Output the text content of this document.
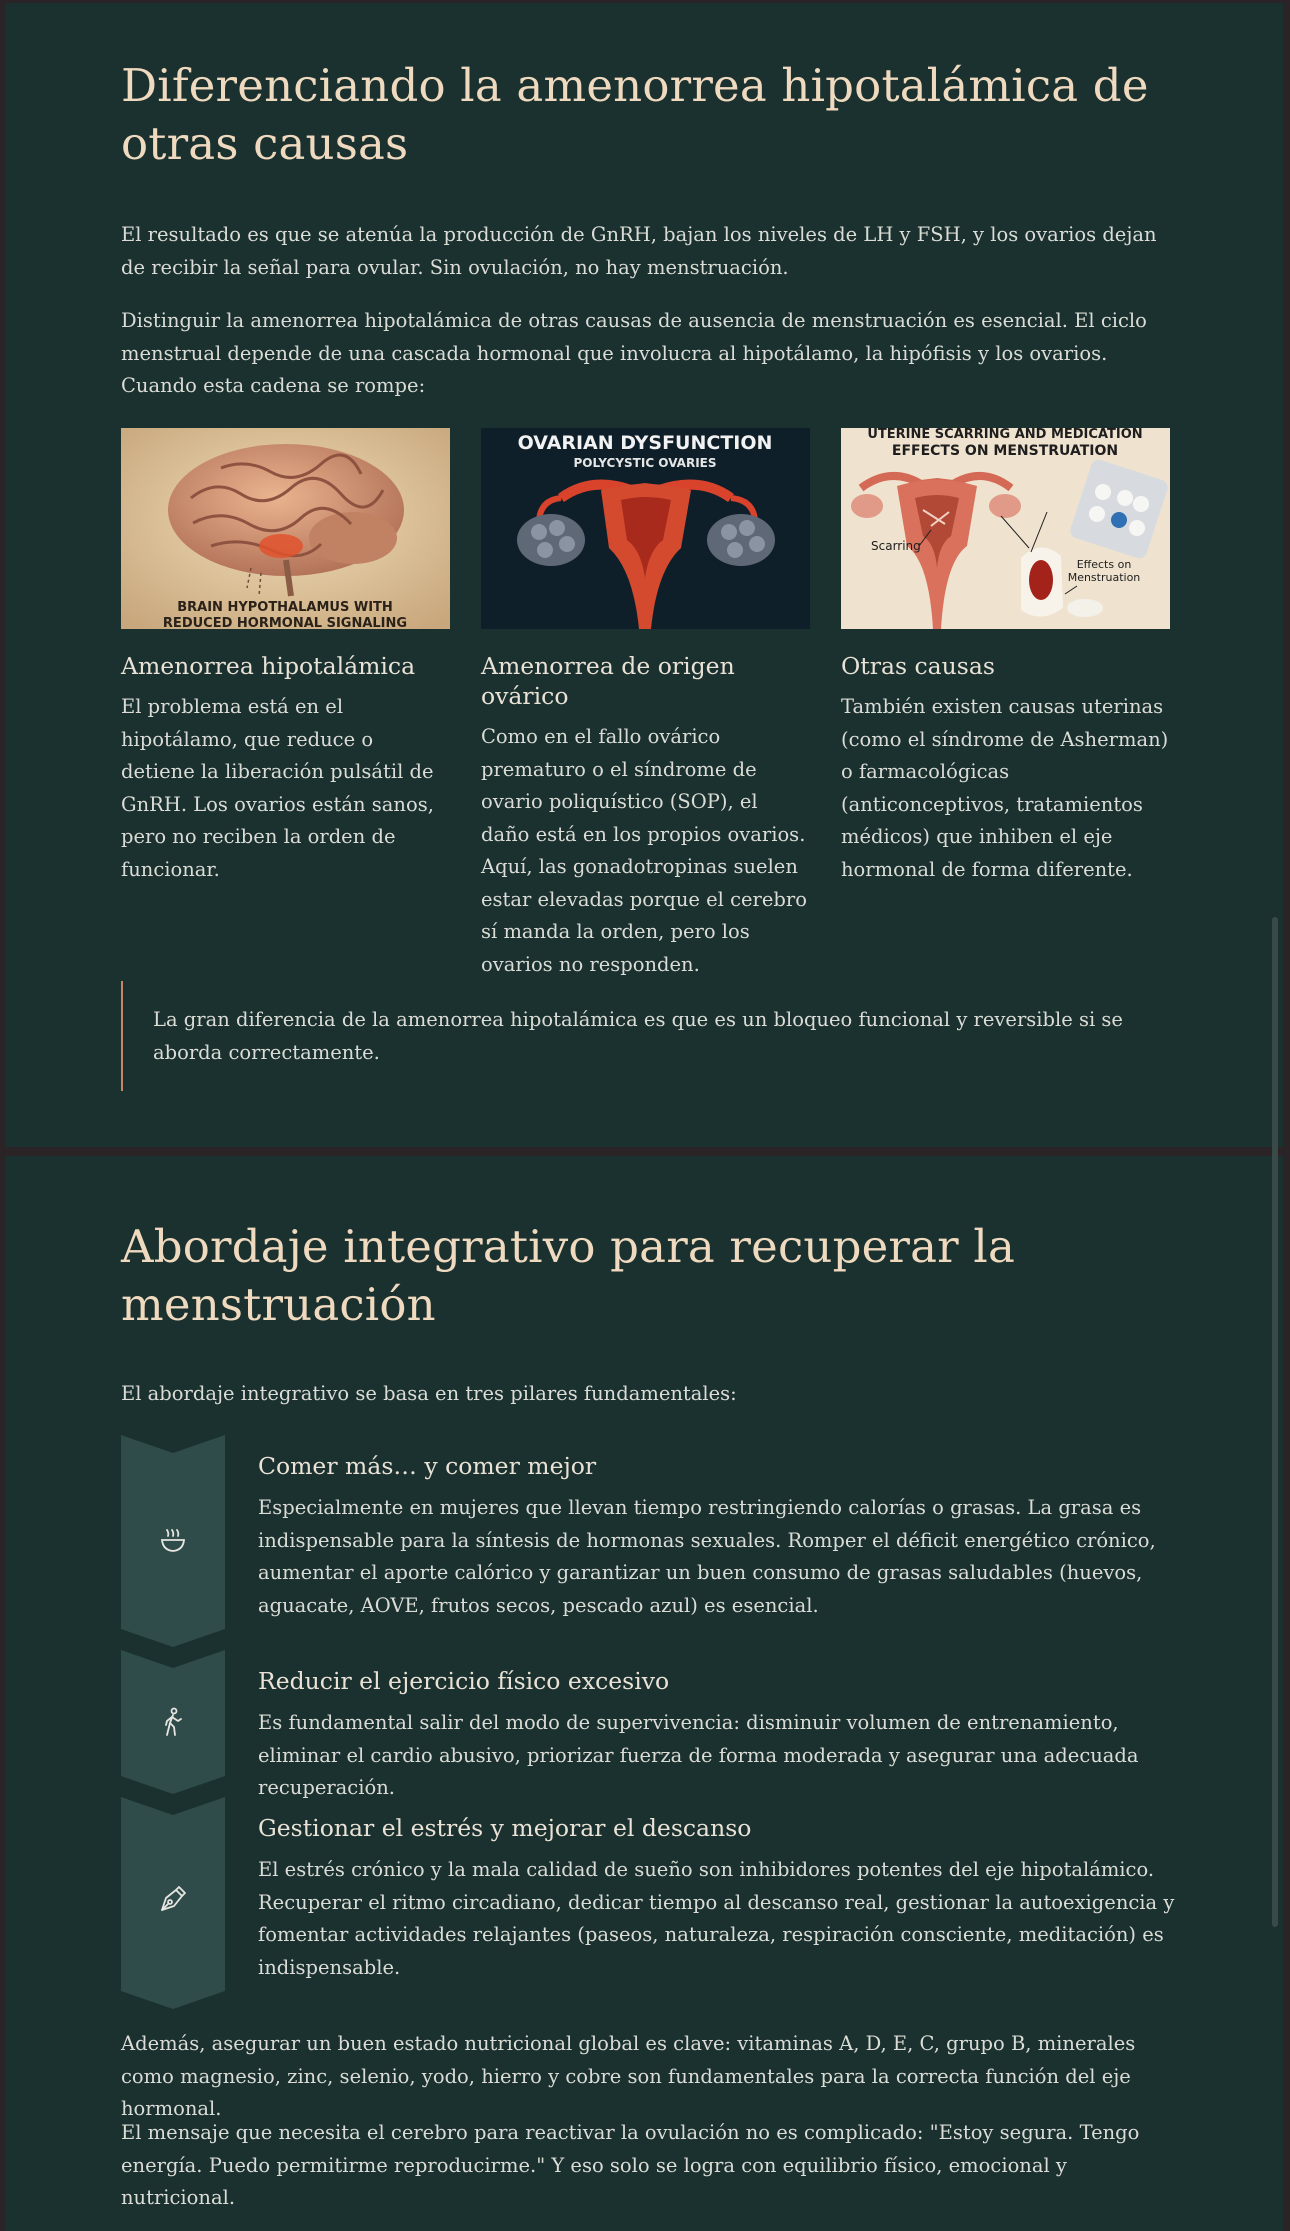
Diferenciando la amenorrea hipotalámica de otras causas

El resultado es que se atenúa la producción de GnRH, bajan los niveles de LH y FSH, y los ovarios dejan de recibir la señal para ovular. Sin ovulación, no hay menstruación.

Distinguir la amenorrea hipotalámica de otras causas de ausencia de menstruación es esencial. El ciclo menstrual depende de una cascada hormonal que involucra al hipotálamo, la hipófisis y los ovarios. Cuando esta cadena se rompe:

BRAIN HYPOTHALAMUS WITH
REDUCED HORMONAL SIGNALING
Amenorrea hipotalámica

El problema está en el hipotálamo, que reduce o detiene la liberación pulsátil de GnRH. Los ovarios están sanos, pero no reciben la orden de funcionar.

OVARIAN DYSFUNCTION
POLYCYSTIC OVARIES
Amenorrea de origen ovárico

Como en el fallo ovárico prematuro o el síndrome de ovario poliquístico (SOP), el daño está en los propios ovarios. Aquí, las gonadotropinas suelen estar elevadas porque el cerebro sí manda la orden, pero los ovarios no responden.

UTERINE SCARRING AND MEDICATION
EFFECTS ON MENSTRUATION
Scarring
Effects on
Menstruation
Otras causas

También existen causas uterinas (como el síndrome de Asherman) o farmacológicas (anticonceptivos, tratamientos médicos) que inhiben el eje hormonal de forma diferente.

La gran diferencia de la amenorrea hipotalámica es que es un bloqueo funcional y reversible si se aborda correctamente.

Abordaje integrativo para recuperar la menstruación

El abordaje integrativo se basa en tres pilares fundamentales:

Comer más… y comer mejor

Especialmente en mujeres que llevan tiempo restringiendo calorías o grasas. La grasa es indispensable para la síntesis de hormonas sexuales. Romper el déficit energético crónico, aumentar el aporte calórico y garantizar un buen consumo de grasas saludables (huevos, aguacate, AOVE, frutos secos, pescado azul) es esencial.

Reducir el ejercicio físico excesivo

Es fundamental salir del modo de supervivencia: disminuir volumen de entrenamiento, eliminar el cardio abusivo, priorizar fuerza de forma moderada y asegurar una adecuada recuperación.

Gestionar el estrés y mejorar el descanso

El estrés crónico y la mala calidad de sueño son inhibidores potentes del eje hipotalámico. Recuperar el ritmo circadiano, dedicar tiempo al descanso real, gestionar la autoexigencia y fomentar actividades relajantes (paseos, naturaleza, respiración consciente, meditación) es indispensable.

Además, asegurar un buen estado nutricional global es clave: vitaminas A, D, E, C, grupo B, minerales como magnesio, zinc, selenio, yodo, hierro y cobre son fundamentales para la correcta función del eje hormonal.

El mensaje que necesita el cerebro para reactivar la ovulación no es complicado: "Estoy segura. Tengo energía. Puedo permitirme reproducirme." Y eso solo se logra con equilibrio físico, emocional y nutricional.
